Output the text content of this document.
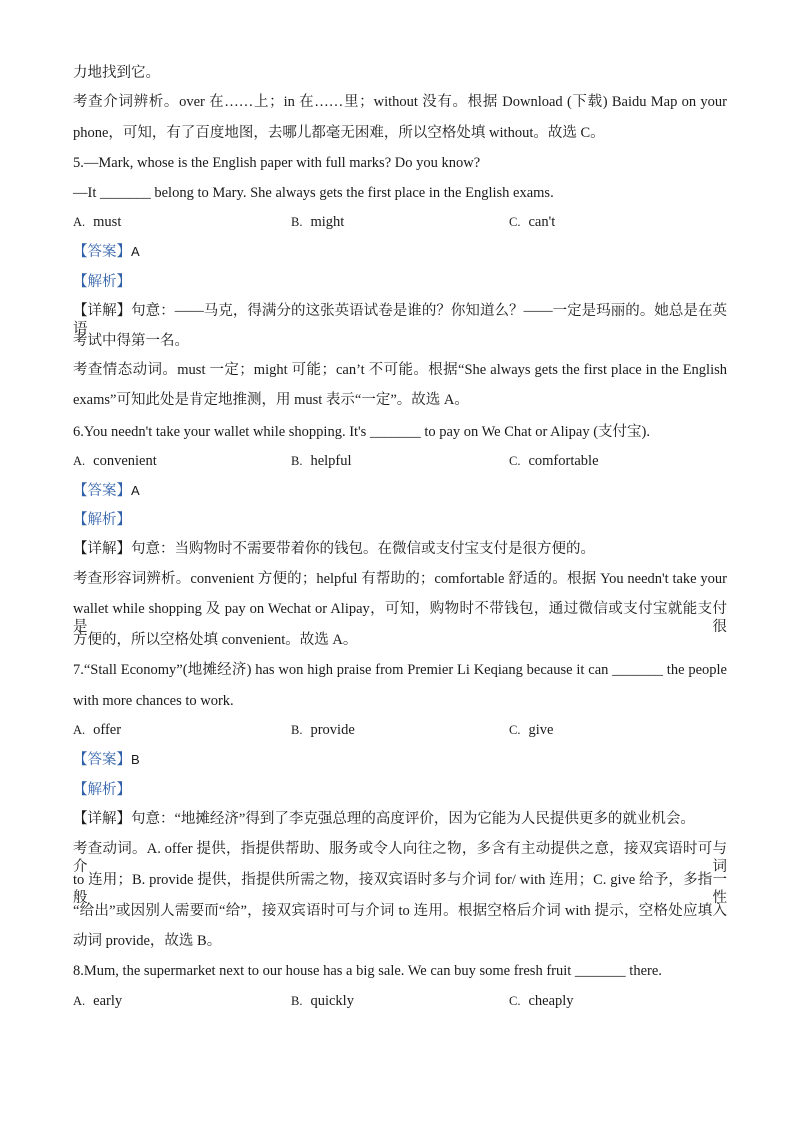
力地找到它。
考查介词辨析。over 在……上；in 在……里；without 没有。根据 Download (下载) Baidu Map on your
phone，可知，有了百度地图，去哪儿都毫无困难，所以空格处填 without。故选 C。
5.—Mark, whose is the English paper with full marks? Do you know?
—It _______ belong to Mary. She always gets the first place in the English exams.
A. must	B. might	C. can't
【答案】A
【解析】
【详解】句意：——马克，得满分的这张英语试卷是谁的？你知道么？——一定是玛丽的。她总是在英语
考试中得第一名。
考查情态动词。must 一定；might 可能；can’t 不可能。根据“She always gets the first place in the English
exams”可知此处是肯定地推测，用 must 表示“一定”。故选 A。
6.You needn't take your wallet while shopping. It's _______ to pay on We Chat or Alipay (支付宝).
A. convenient	B. helpful	C. comfortable
【答案】A
【解析】
【详解】句意：当购物时不需要带着你的钱包。在微信或支付宝支付是很方便的。
考查形容词辨析。convenient 方便的；helpful 有帮助的；comfortable 舒适的。根据 You needn't take your
wallet while shopping 及 pay on Wechat or Alipay，可知，购物时不带钱包，通过微信或支付宝就能支付是很
方便的，所以空格处填 convenient。故选 A。
7.“Stall Economy”(地摊经济) has won high praise from Premier Li Keqiang because it can _______ the people
with more chances to work.
A. offer	B. provide	C. give
【答案】B
【解析】
【详解】句意：“地摊经济”得到了李克强总理的高度评价，因为它能为人民提供更多的就业机会。
考查动词。A. offer 提供，指提供帮助、服务或令人向往之物，多含有主动提供之意，接双宾语时可与介词
to 连用；B. provide 提供，指提供所需之物，接双宾语时多与介词 for/ with 连用；C. give 给予，多指一般性
“给出”或因别人需要而“给”，接双宾语时可与介词 to 连用。根据空格后介词 with 提示，空格处应填入
动词 provide，故选 B。
8.Mum, the supermarket next to our house has a big sale. We can buy some fresh fruit _______ there.
A. early	B. quickly	C. cheaply
